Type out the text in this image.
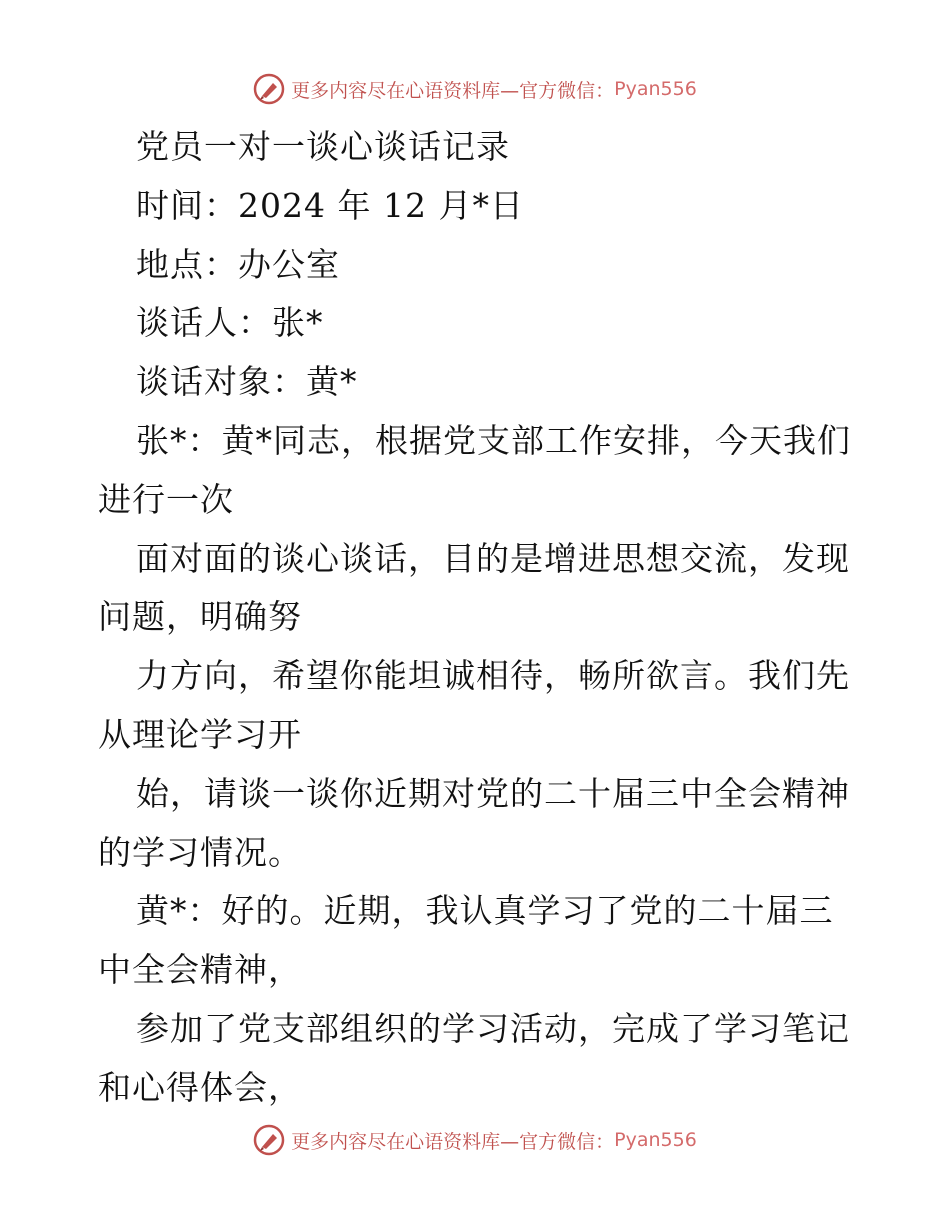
更多内容尽在心语资料库—官方微信： Pyan556
党员一对一谈心谈话记录
时间：2024 年 12 月*日
地点：办公室
谈话人：张*
谈话对象：黄*
张*：黄*同志，根据党支部工作安排，今天我们
进行一次
面对面的谈心谈话，目的是增进思想交流，发现
问题，明确努
力方向，希望你能坦诚相待，畅所欲言。我们先
从理论学习开
始，请谈一谈你近期对党的二十届三中全会精神
的学习情况。
黄*：好的。近期，我认真学习了党的二十届三
中全会精神，
参加了党支部组织的学习活动，完成了学习笔记
和心得体会，
更多内容尽在心语资料库—官方微信： Pyan556
